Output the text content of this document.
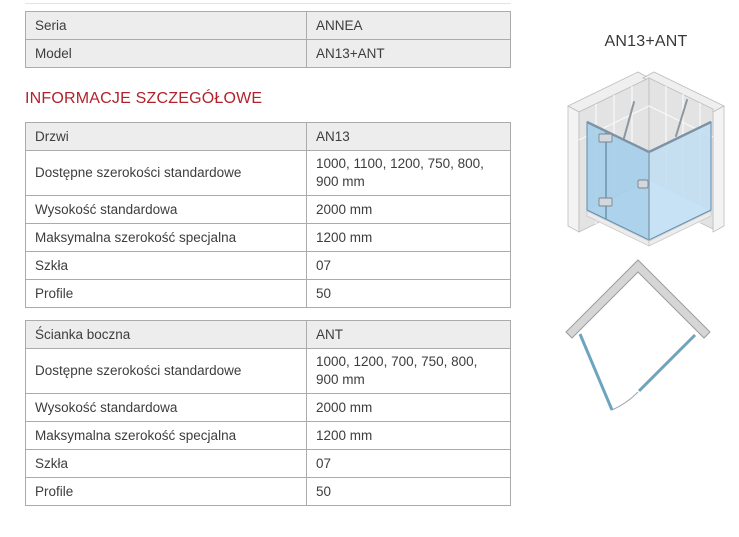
Seria	ANNEA
Model	AN13+ANT
INFORMACJE SZCZEGÓŁOWE
Drzwi	AN13
Dostępne szerokości standardowe	1000, 1100, 1200, 750, 800, 900 mm
Wysokość standardowa	2000 mm
Maksymalna szerokość specjalna	1200 mm
Szkła	07
Profile	50
Ścianka boczna	ANT
Dostępne szerokości standardowe	1000, 1200, 700, 750, 800, 900 mm
Wysokość standardowa	2000 mm
Maksymalna szerokość specjalna	1200 mm
Szkła	07
Profile	50
AN13+ANT
